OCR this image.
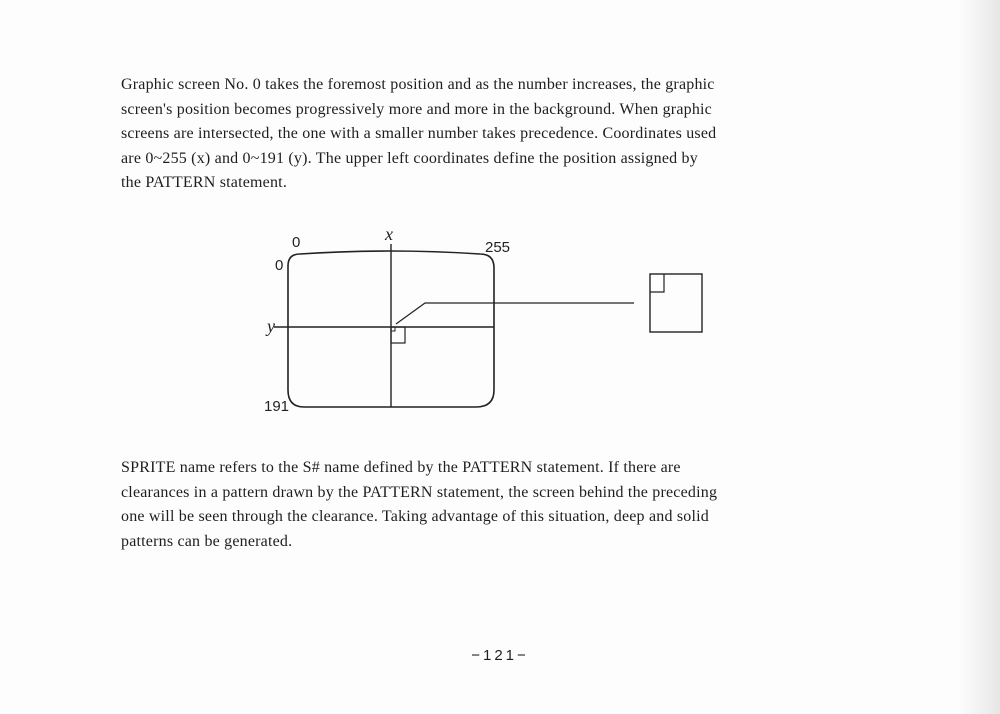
Graphic screen No. 0 takes the foremost position and as the number increases, the graphic
screen's position becomes progressively more and more in the background. When graphic
screens are intersected, the one with a smaller number takes precedence. Coordinates used
are 0~255 (x) and 0~191 (y). The upper left coordinates define the position assigned by
the PATTERN statement.
0	x
255
0
y
191
SPRITE name refers to the S# name defined by the PATTERN statement. If there are
clearances in a pattern drawn by the PATTERN statement, the screen behind the preceding
one will be seen through the clearance. Taking advantage of this situation, deep and solid
patterns can be generated.
−121−
